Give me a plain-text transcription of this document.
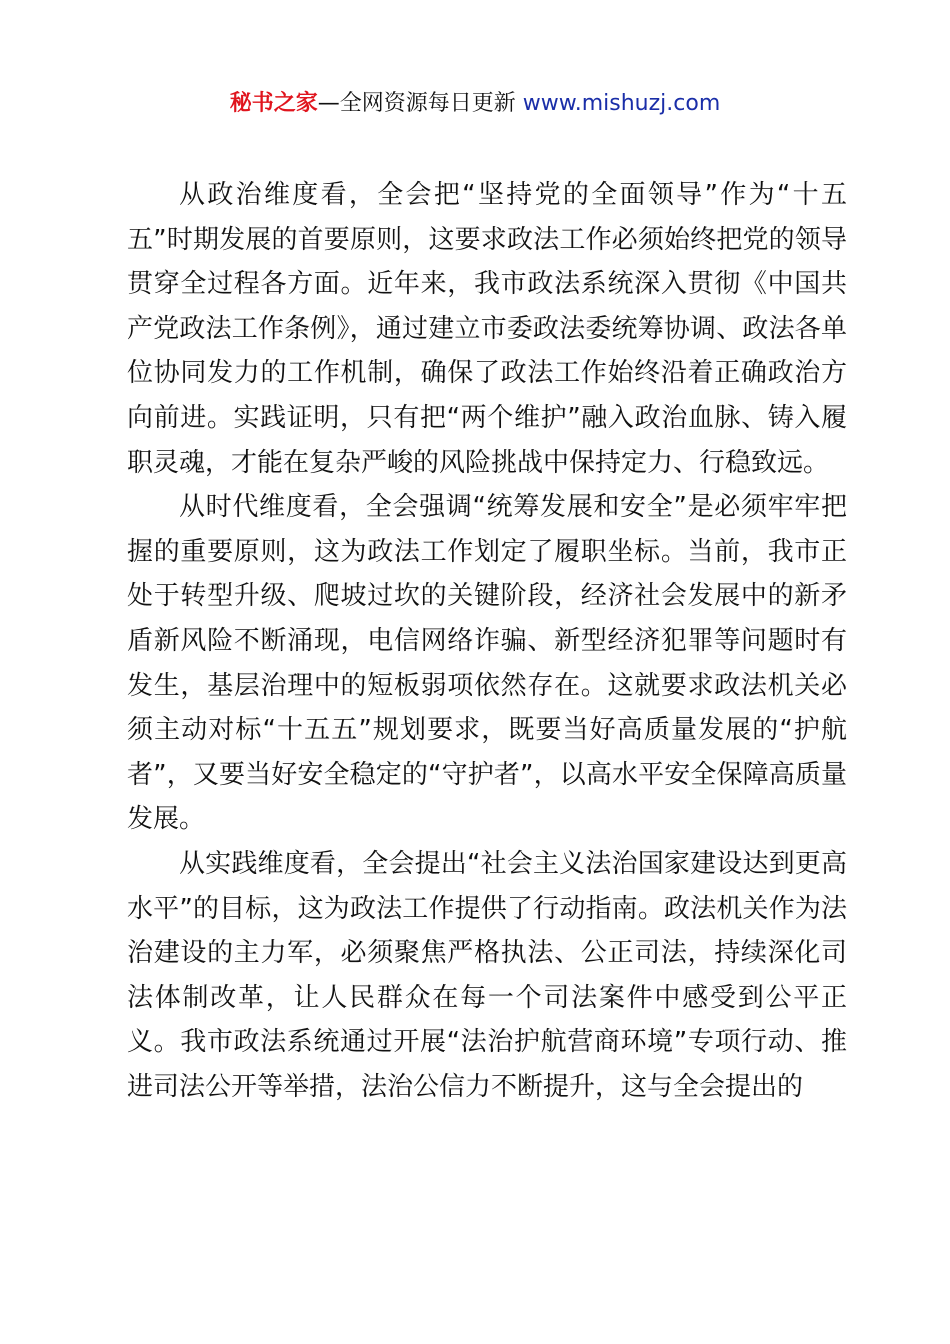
秘书之家—全网资源每日更新 www.mishuzj.com

从政治维度看，全会把“坚持党的全面领导”作为“十五五”时期发展的首要原则，这要求政法工作必须始终把党的领导贯穿全过程各方面。近年来，我市政法系统深入贯彻《中国共产党政法工作条例》，通过建立市委政法委统筹协调、政法各单位协同发力的工作机制，确保了政法工作始终沿着正确政治方向前进。实践证明，只有把“两个维护”融入政治血脉、铸入履职灵魂，才能在复杂严峻的风险挑战中保持定力、行稳致远。

从时代维度看，全会强调“统筹发展和安全”是必须牢牢把握的重要原则，这为政法工作划定了履职坐标。当前，我市正处于转型升级、爬坡过坎的关键阶段，经济社会发展中的新矛盾新风险不断涌现，电信网络诈骗、新型经济犯罪等问题时有发生，基层治理中的短板弱项依然存在。这就要求政法机关必须主动对标“十五五”规划要求，既要当好高质量发展的“护航者”，又要当好安全稳定的“守护者”，以高水平安全保障高质量发展。

从实践维度看，全会提出“社会主义法治国家建设达到更高水平”的目标，这为政法工作提供了行动指南。政法机关作为法治建设的主力军，必须聚焦严格执法、公正司法，持续深化司法体制改革，让人民群众在每一个司法案件中感受到公平正义。我市政法系统通过开展“法治护航营商环境”专项行动、推进司法公开等举措，法治公信力不断提升，这与全会提出的
